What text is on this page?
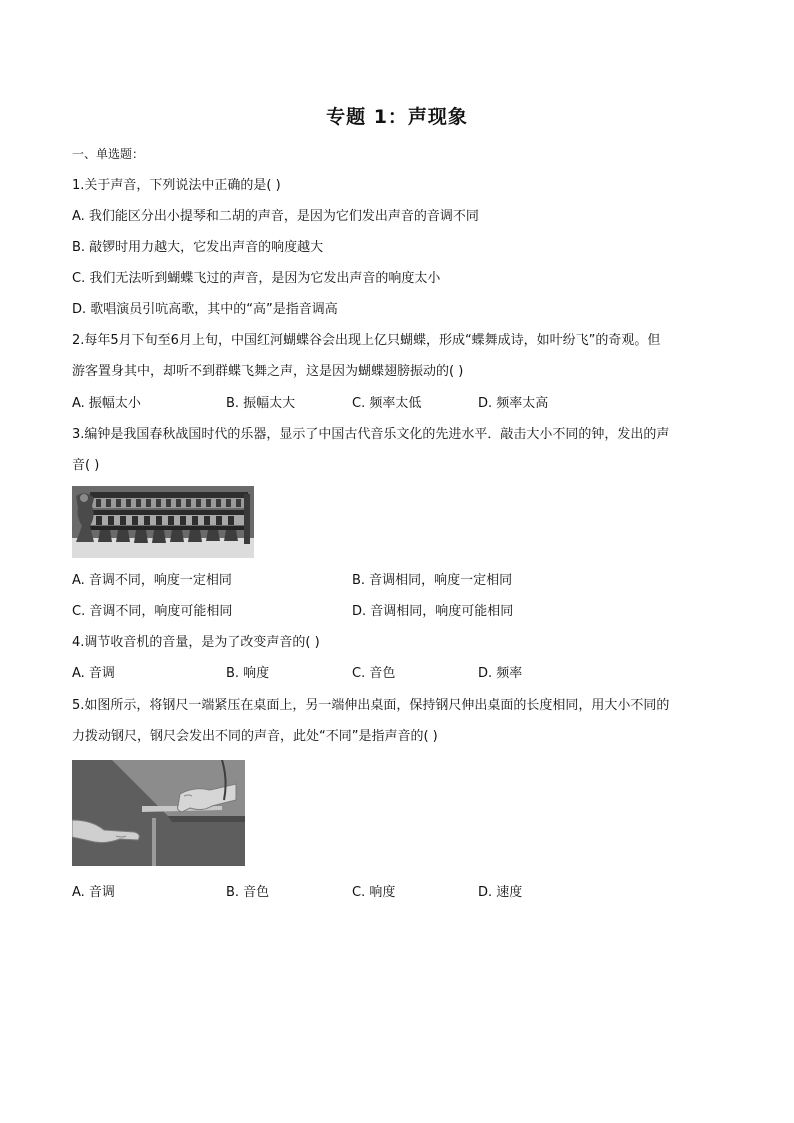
专题 1：声现象
一、单选题：
1.关于声音，下列说法中正确的是( )
A. 我们能区分出小提琴和二胡的声音，是因为它们发出声音的音调不同
B. 敲锣时用力越大，它发出声音的响度越大
C. 我们无法听到蝴蝶飞过的声音，是因为它发出声音的响度太小
D. 歌唱演员引吭高歌，其中的“高”是指音调高
2.每年5月下旬至6月上旬，中国红河蝴蝶谷会出现上亿只蝴蝶，形成“蝶舞成诗，如叶纷飞”的奇观。但
游客置身其中，却听不到群蝶飞舞之声，这是因为蝴蝶翅膀振动的( )
A. 振幅太小	B. 振幅太大	C. 频率太低	D. 频率太高
3.编钟是我国春秋战国时代的乐器，显示了中国古代音乐文化的先进水平．敲击大小不同的钟，发出的声
音( )
A. 音调不同，响度一定相同	B. 音调相同，响度一定相同
C. 音调不同，响度可能相同	D. 音调相同，响度可能相同
4.调节收音机的音量，是为了改变声音的( )
A. 音调	B. 响度	C. 音色	D. 频率
5.如图所示，将钢尺一端紧压在桌面上，另一端伸出桌面，保持钢尺伸出桌面的长度相同，用大小不同的
力拨动钢尺，钢尺会发出不同的声音，此处“不同”是指声音的( )
A. 音调	B. 音色	C. 响度	D. 速度
